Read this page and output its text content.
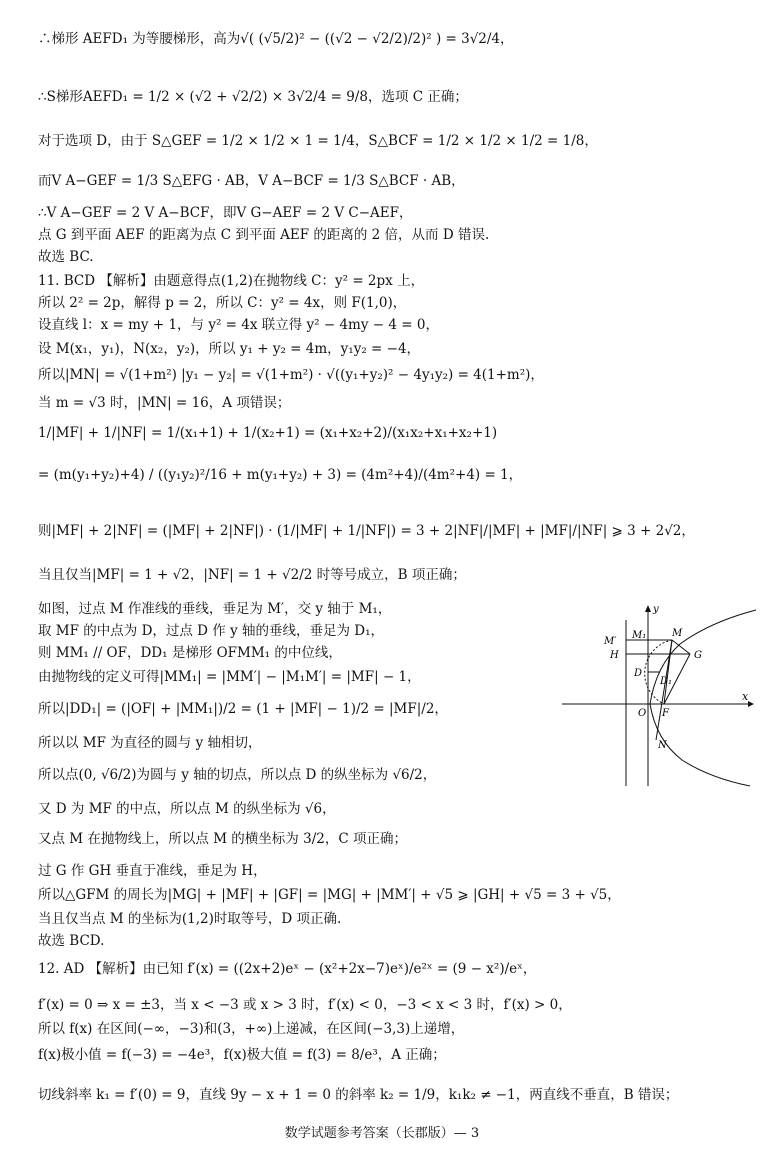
∴梯形 AEFD₁ 为等腰梯形，高为√( (√5/2)² − ((√2 − √2/2)/2)² ) = 3√2/4，
∴S梯形AEFD₁ = 1/2 × (√2 + √2/2) × 3√2/4 = 9/8，选项 C 正确；
对于选项 D，由于 S△GEF = 1/2 × 1/2 × 1 = 1/4，S△BCF = 1/2 × 1/2 × 1/2 = 1/8，
而V A−GEF = 1/3 S△EFG · AB，V A−BCF = 1/3 S△BCF · AB，
∴V A−GEF = 2 V A−BCF，即V G−AEF = 2 V C−AEF，
点 G 到平面 AEF 的距离为点 C 到平面 AEF 的距离的 2 倍，从而 D 错误.
故选 BC.
11. BCD 【解析】由题意得点(1,2)在抛物线 C：y² = 2px 上，
所以 2² = 2p，解得 p = 2，所以 C：y² = 4x，则 F(1,0)，
设直线 l：x = my + 1，与 y² = 4x 联立得 y² − 4my − 4 = 0，
设 M(x₁，y₁)，N(x₂，y₂)，所以 y₁ + y₂ = 4m，y₁y₂ = −4，
所以|MN| = √(1+m²) |y₁ − y₂| = √(1+m²) · √((y₁+y₂)² − 4y₁y₂) = 4(1+m²)，
当 m = √3 时，|MN| = 16，A 项错误；
1/|MF| + 1/|NF| = 1/(x₁+1) + 1/(x₂+1) = (x₁+x₂+2)/(x₁x₂+x₁+x₂+1)
= (m(y₁+y₂)+4) / ((y₁y₂)²/16 + m(y₁+y₂) + 3) = (4m²+4)/(4m²+4) = 1，
则|MF| + 2|NF| = (|MF| + 2|NF|) · (1/|MF| + 1/|NF|) = 3 + 2|NF|/|MF| + |MF|/|NF| ⩾ 3 + 2√2，
当且仅当|MF| = 1 + √2，|NF| = 1 + √2/2 时等号成立，B 项正确；
如图，过点 M 作准线的垂线，垂足为 M′，交 y 轴于 M₁，
取 MF 的中点为 D，过点 D 作 y 轴的垂线，垂足为 D₁，
则 MM₁ // OF，DD₁ 是梯形 OFMM₁ 的中位线，
由抛物线的定义可得|MM₁| = |MM′| − |M₁M′| = |MF| − 1，
所以|DD₁| = (|OF| + |MM₁|)/2 = (1 + |MF| − 1)/2 = |MF|/2，
所以以 MF 为直径的圆与 y 轴相切，
所以点(0, √6/2)为圆与 y 轴的切点，所以点 D 的纵坐标为 √6/2，
又 D 为 MF 的中点，所以点 M 的纵坐标为 √6，
又点 M 在抛物线上，所以点 M 的横坐标为 3/2，C 项正确；
过 G 作 GH 垂直于准线，垂足为 H，
所以△GFM 的周长为|MG| + |MF| + |GF| = |MG| + |MM′| + √5 ⩾ |GH| + √5 = 3 + √5，
当且仅当点 M 的坐标为(1,2)时取等号，D 项正确.
故选 BCD.
12. AD 【解析】由已知 f′(x) = ((2x+2)eˣ − (x²+2x−7)eˣ)/e²ˣ = (9 − x²)/eˣ，
f′(x) = 0 ⇒ x = ±3，当 x < −3 或 x > 3 时，f′(x) < 0，−3 < x < 3 时，f′(x) > 0，
所以 f(x) 在区间(−∞，−3)和(3，+∞)上递减，在区间(−3,3)上递增，
f(x)极小值 = f(−3) = −4e³，f(x)极大值 = f(3) = 8/e³，A 正确；
切线斜率 k₁ = f′(0) = 9，直线 9y − x + 1 = 0 的斜率 k₂ = 1/9，k₁k₂ ≠ −1，两直线不垂直，B 错误；
y
x
M′
M₁	M
H	G
D
D₁
O F
N
数学试题参考答案（长郡版）— 3
